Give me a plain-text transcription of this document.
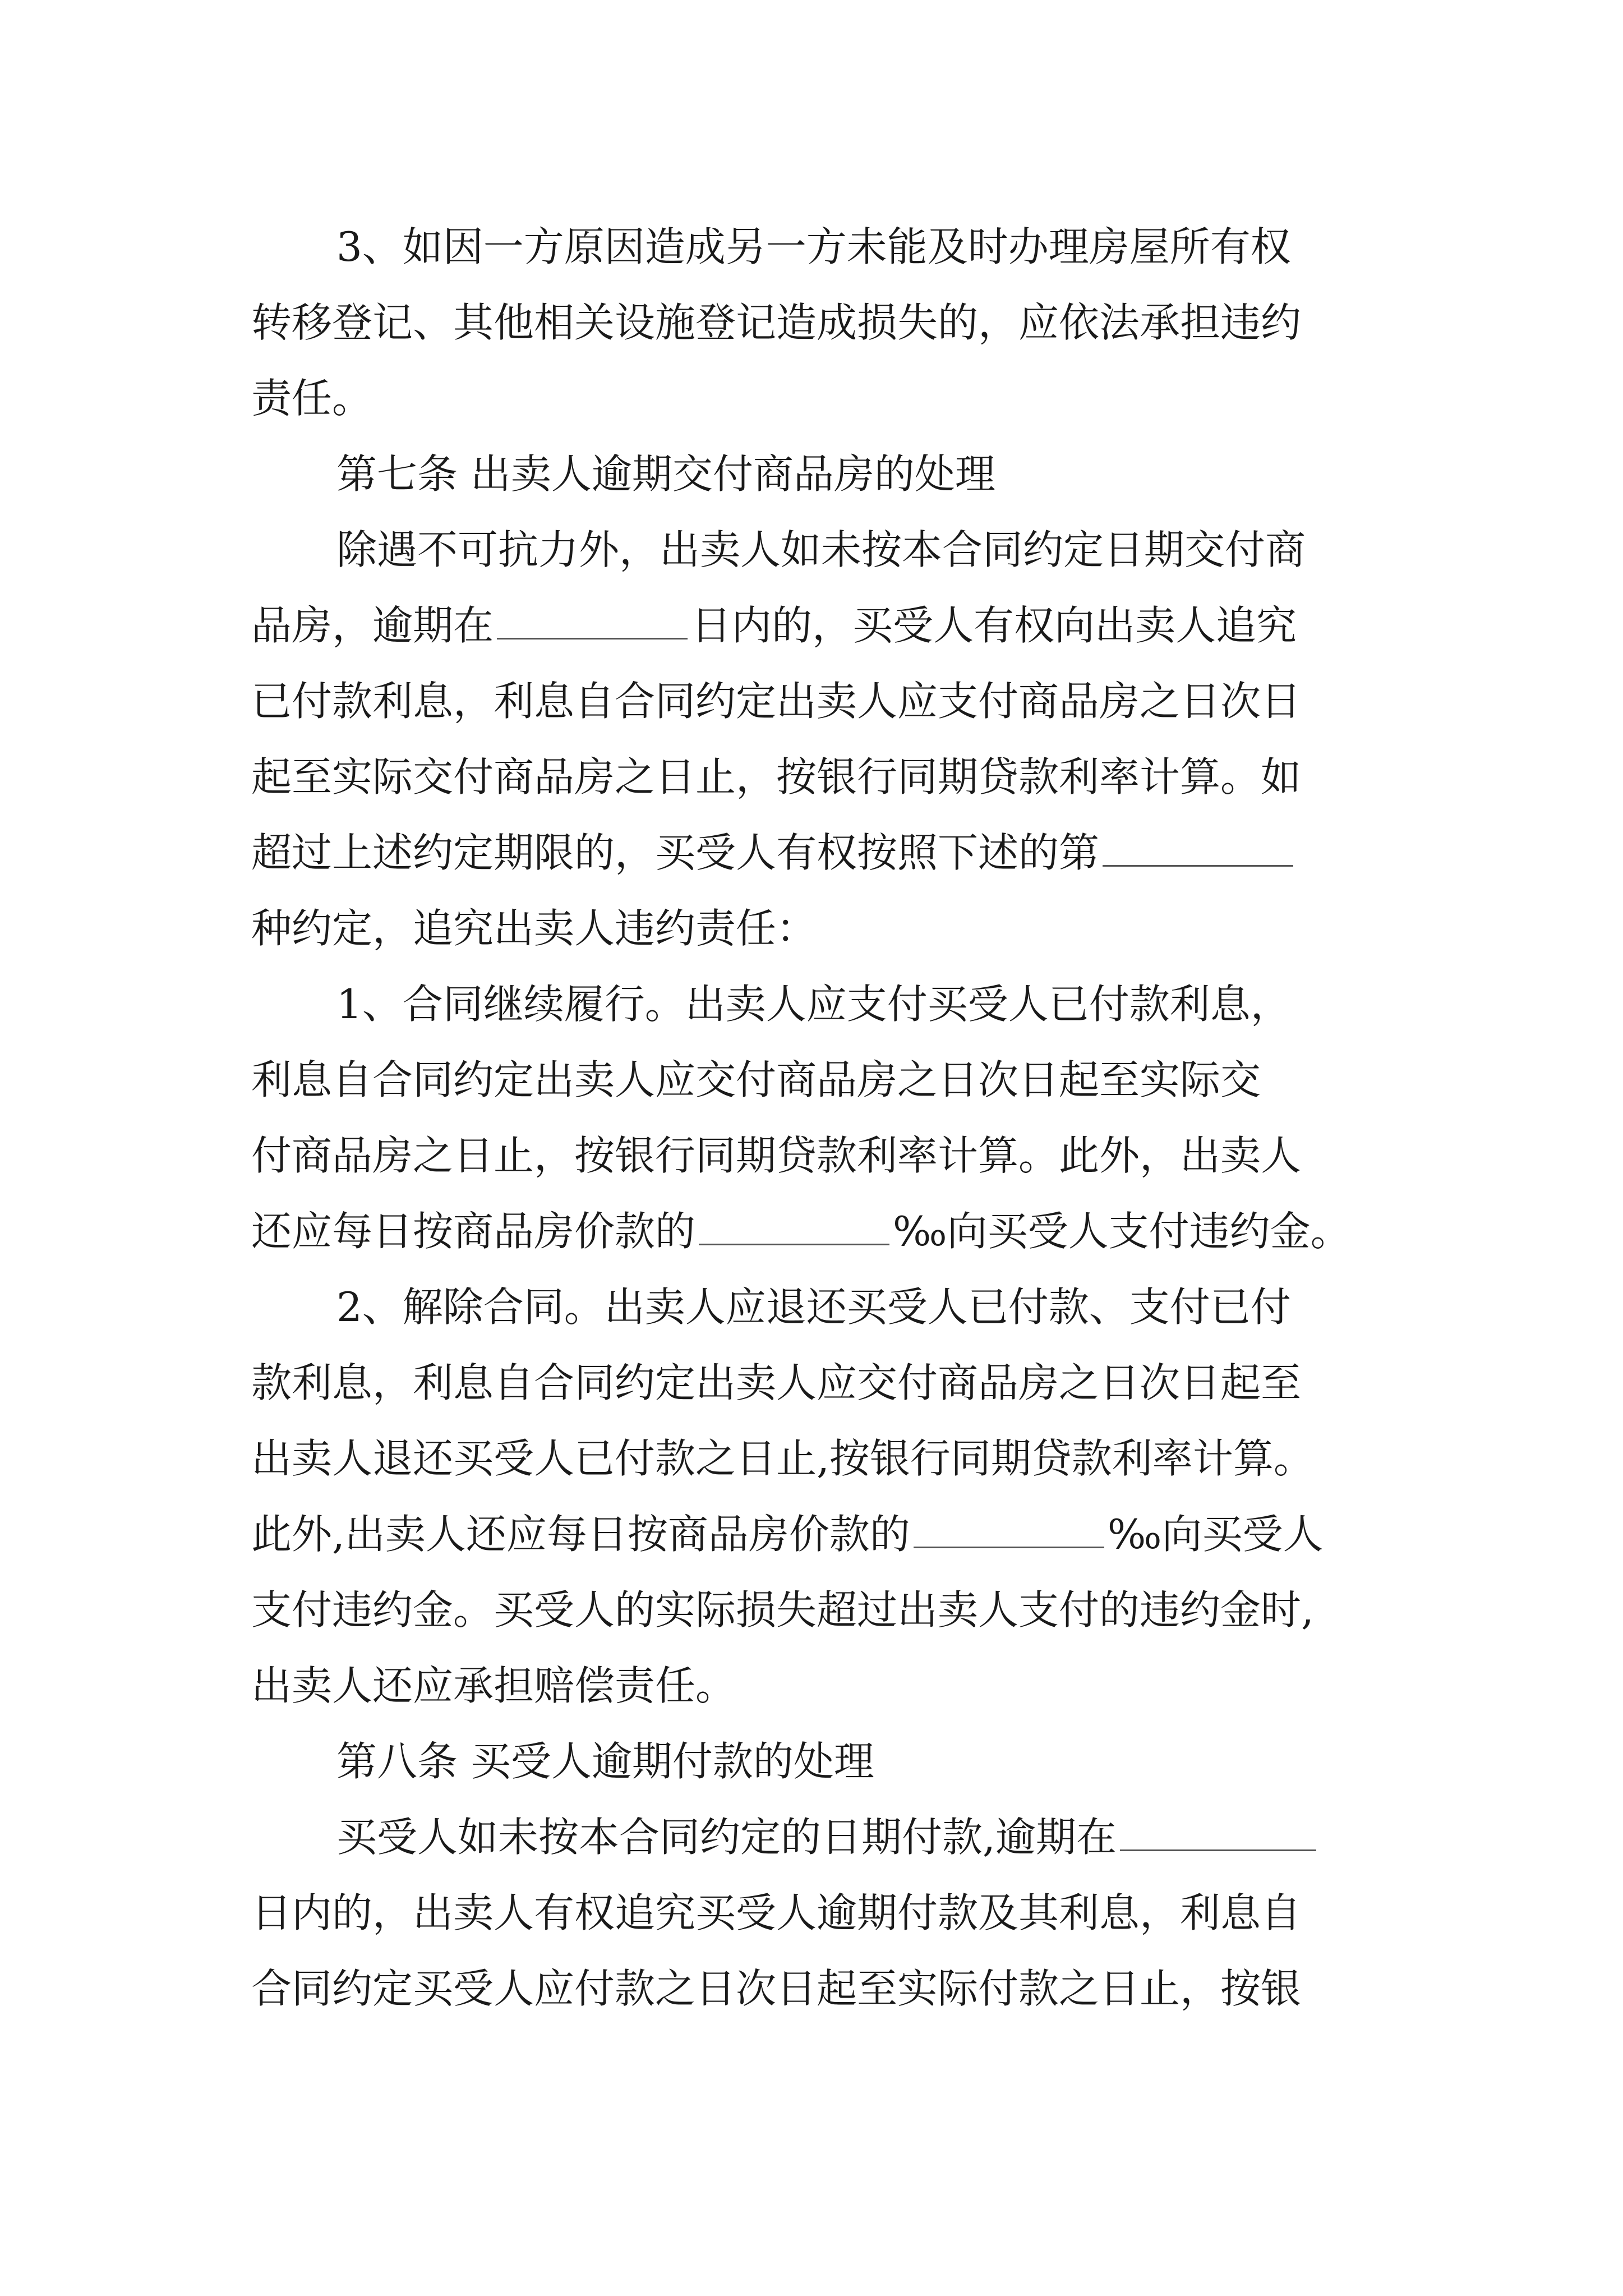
3、如因一方原因造成另一方未能及时办理房屋所有权
转移登记、其他相关设施登记造成损失的，应依法承担违约
责任。
第七条 出卖人逾期交付商品房的处理
除遇不可抗力外，出卖人如未按本合同约定日期交付商
品房，逾期在	日内的，买受人有权向出卖人追究
已付款利息，利息自合同约定出卖人应支付商品房之日次日
起至实际交付商品房之日止，按银行同期贷款利率计算。如
超过上述约定期限的，买受人有权按照下述的第
种约定，追究出卖人违约责任：
1、合同继续履行。出卖人应支付买受人已付款利息，
利息自合同约定出卖人应交付商品房之日次日起至实际交
付商品房之日止，按银行同期贷款利率计算。此外，出卖人
还应每日按商品房价款的	‰向买受人支付违约金。
2、解除合同。出卖人应退还买受人已付款、支付已付
款利息，利息自合同约定出卖人应交付商品房之日次日起至
出卖人退还买受人已付款之日止,按银行同期贷款利率计算。
此外,出卖人还应每日按商品房价款的	‰向买受人
支付违约金。买受人的实际损失超过出卖人支付的违约金时,
出卖人还应承担赔偿责任。
第八条 买受人逾期付款的处理
买受人如未按本合同约定的日期付款,逾期在
日内的，出卖人有权追究买受人逾期付款及其利息，利息自
合同约定买受人应付款之日次日起至实际付款之日止，按银
